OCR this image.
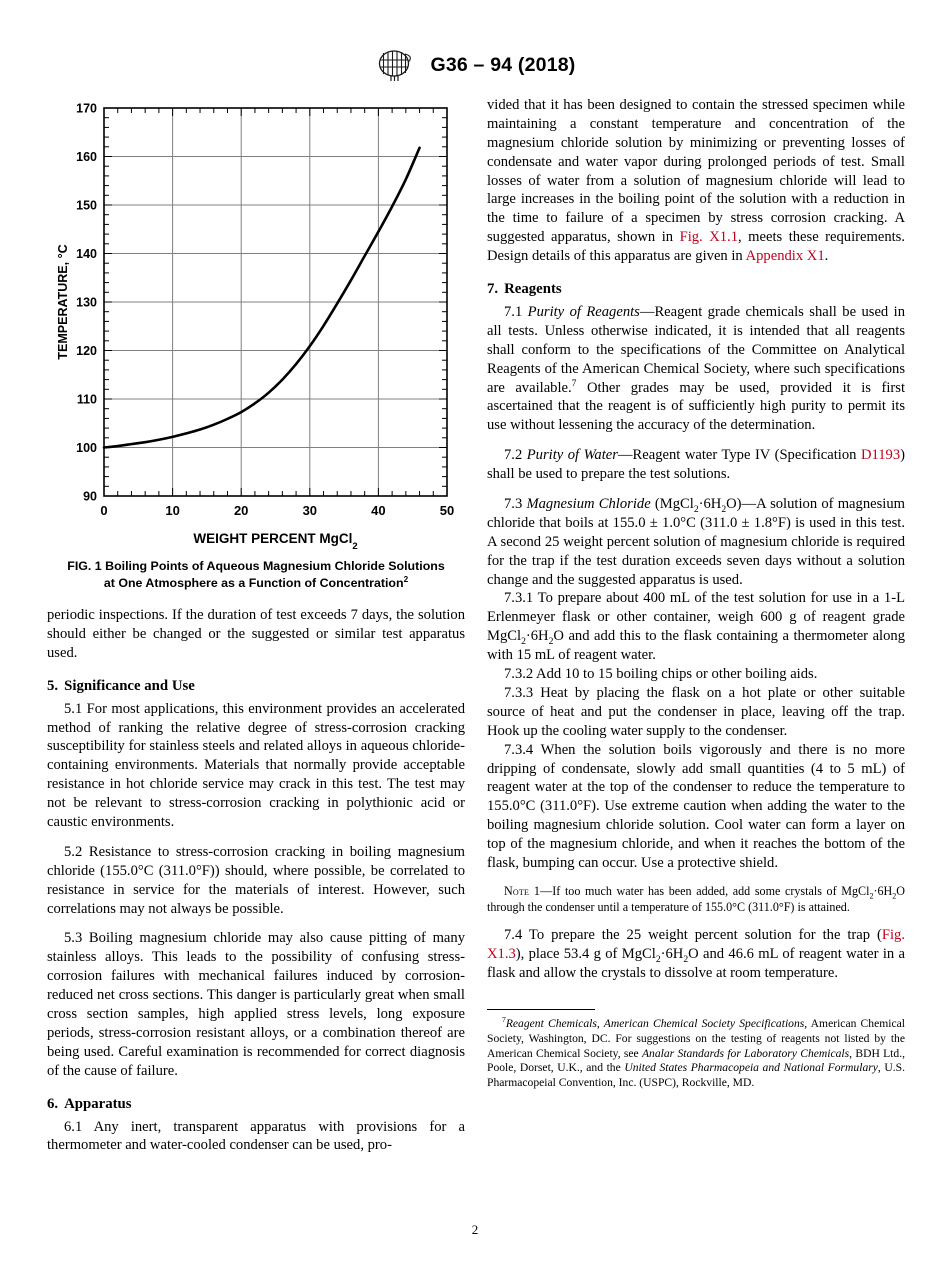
G36 – 94 (2018)
90
100
110
120
130
140
150
160
170
0	10	20	30	40	50
TEMPERATURE, °C
WEIGHT PERCENT MgCl$_2$
FIG. 1 Boiling Points of Aqueous Magnesium Chloride Solutions
at One Atmosphere as a Function of Concentration$^2$

periodic inspections. If the duration of test exceeds 7 days, the solution should either be changed or the suggested or similar test apparatus used.

5. Significance and Use

5.1 For most applications, this environment provides an accelerated method of ranking the relative degree of stress-corrosion cracking susceptibility for stainless steels and related alloys in aqueous chloride-containing environments. Materials that normally provide acceptable resistance in hot chloride service may crack in this test. The test may not be relevant to stress-corrosion cracking in polythionic acid or caustic environments.

5.2 Resistance to stress-corrosion cracking in boiling magnesium chloride (155.0°C (311.0°F)) should, where possible, be correlated to resistance in service for the materials of interest. However, such correlations may not always be possible.

5.3 Boiling magnesium chloride may also cause pitting of many stainless alloys. This leads to the possibility of confusing stress-corrosion failures with mechanical failures induced by corrosion-reduced net cross sections. This danger is particularly great when small cross section samples, high applied stress levels, long exposure periods, stress-corrosion resistant alloys, or a combination thereof are being used. Careful examination is recommended for correct diagnosis of the cause of failure.

6. Apparatus

6.1 Any inert, transparent apparatus with provisions for a thermometer and water-cooled condenser can be used, pro-

vided that it has been designed to contain the stressed specimen while maintaining a constant temperature and concentration of the magnesium chloride solution by minimizing or preventing losses of condensate and water vapor during prolonged periods of test. Small losses of water from a solution of magnesium chloride will lead to large increases in the boiling point of the solution with a reduction in the time to failure of a specimen by stress corrosion cracking. A suggested apparatus, shown in Fig. X1.1, meets these requirements. Design details of this apparatus are given in Appendix X1.

7. Reagents

7.1 Purity of Reagents—Reagent grade chemicals shall be used in all tests. Unless otherwise indicated, it is intended that all reagents shall conform to the specifications of the Committee on Analytical Reagents of the American Chemical Society, where such specifications are available.$^7$ Other grades may be used, provided it is first ascertained that the reagent is of sufficiently high purity to permit its use without lessening the accuracy of the determination.

7.2 Purity of Water—Reagent water Type IV (Specification D1193) shall be used to prepare the test solutions.

7.3 Magnesium Chloride $(MgCl_2\cdot 6H_2O)—A$ solution of magnesium chloride that boils at 155.0 ± 1.0°C (311.0 ± 1.8°F) is used in this test. A second 25 weight percent solution of magnesium chloride is required for the trap if the test duration exceeds seven days without a solution change and the suggested apparatus is used.

7.3.1 To prepare about 400 mL of the test solution for use in a 1-L Erlenmeyer flask or other container, weigh 600 g of reagent grade $MgCl_2\cdot 6H_2O$ and add this to the flask containing a thermometer along with 15 mL of reagent water.

7.3.2 Add 10 to 15 boiling chips or other boiling aids.

7.3.3 Heat by placing the flask on a hot plate or other suitable source of heat and put the condenser in place, leaving off the trap. Hook up the cooling water supply to the condenser.

7.3.4 When the solution boils vigorously and there is no more dripping of condensate, slowly add small quantities (4 to 5 mL) of reagent water at the top of the condenser to reduce the temperature to 155.0°C (311.0°F). Use extreme caution when adding the water to the boiling magnesium chloride solution. Cool water can form a layer on top of the magnesium chloride, and when it reaches the bottom of the flask, bumping can occur. Use a protective shield.

Note 1—If too much water has been added, add some crystals of $MgCl_2\cdot 6H_2O$ through the condenser until a temperature of 155.0°C (311.0°F) is attained.

7.4 To prepare the 25 weight percent solution for the trap (Fig. X1.3), place 53.4 g of $MgCl_2\cdot 6H_2O$ and 46.6 mL of reagent water in a flask and allow the crystals to dissolve at room temperature.

$^7$Reagent Chemicals, American Chemical Society Specifications, American Chemical Society, Washington, DC. For suggestions on the testing of reagents not listed by the American Chemical Society, see Analar Standards for Laboratory Chemicals, BDH Ltd., Poole, Dorset, U.K., and the United States Pharmacopeia and National Formulary, U.S. Pharmacopeial Convention, Inc. (USPC), Rockville, MD.

2
